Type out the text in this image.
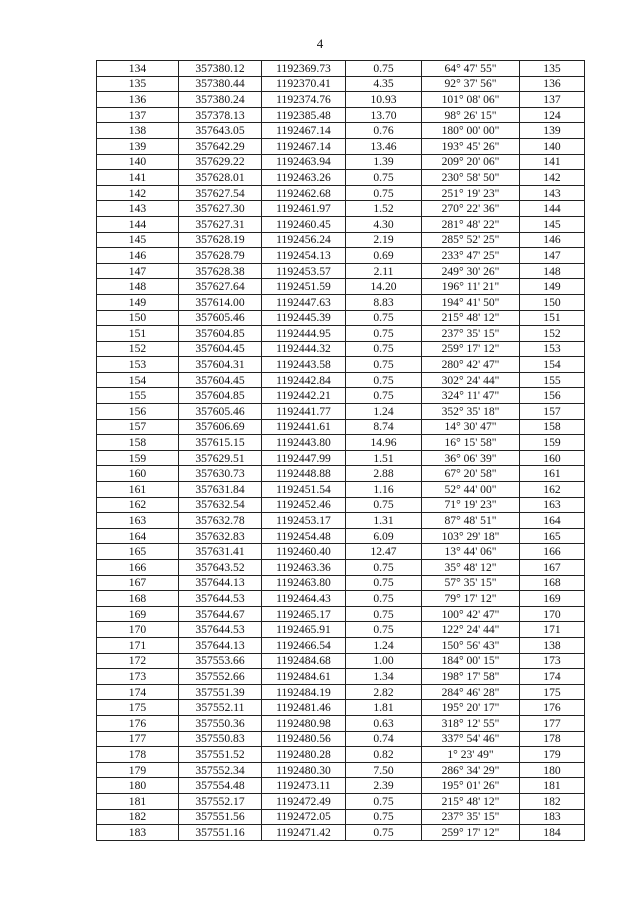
4
134	357380.12	1192369.73	0.75	64° 47' 55"	135
135	357380.44	1192370.41	4.35	92° 37' 56"	136
136	357380.24	1192374.76	10.93	101° 08' 06"	137
137	357378.13	1192385.48	13.70	98° 26' 15"	124
138	357643.05	1192467.14	0.76	180° 00' 00"	139
139	357642.29	1192467.14	13.46	193° 45' 26"	140
140	357629.22	1192463.94	1.39	209° 20' 06"	141
141	357628.01	1192463.26	0.75	230° 58' 50"	142
142	357627.54	1192462.68	0.75	251° 19' 23"	143
143	357627.30	1192461.97	1.52	270° 22' 36"	144
144	357627.31	1192460.45	4.30	281° 48' 22"	145
145	357628.19	1192456.24	2.19	285° 52' 25"	146
146	357628.79	1192454.13	0.69	233° 47' 25"	147
147	357628.38	1192453.57	2.11	249° 30' 26"	148
148	357627.64	1192451.59	14.20	196° 11' 21"	149
149	357614.00	1192447.63	8.83	194° 41' 50"	150
150	357605.46	1192445.39	0.75	215° 48' 12"	151
151	357604.85	1192444.95	0.75	237° 35' 15"	152
152	357604.45	1192444.32	0.75	259° 17' 12"	153
153	357604.31	1192443.58	0.75	280° 42' 47"	154
154	357604.45	1192442.84	0.75	302° 24' 44"	155
155	357604.85	1192442.21	0.75	324° 11' 47"	156
156	357605.46	1192441.77	1.24	352° 35' 18"	157
157	357606.69	1192441.61	8.74	14° 30' 47"	158
158	357615.15	1192443.80	14.96	16° 15' 58"	159
159	357629.51	1192447.99	1.51	36° 06' 39"	160
160	357630.73	1192448.88	2.88	67° 20' 58"	161
161	357631.84	1192451.54	1.16	52° 44' 00"	162
162	357632.54	1192452.46	0.75	71° 19' 23"	163
163	357632.78	1192453.17	1.31	87° 48' 51"	164
164	357632.83	1192454.48	6.09	103° 29' 18"	165
165	357631.41	1192460.40	12.47	13° 44' 06"	166
166	357643.52	1192463.36	0.75	35° 48' 12"	167
167	357644.13	1192463.80	0.75	57° 35' 15"	168
168	357644.53	1192464.43	0.75	79° 17' 12"	169
169	357644.67	1192465.17	0.75	100° 42' 47"	170
170	357644.53	1192465.91	0.75	122° 24' 44"	171
171	357644.13	1192466.54	1.24	150° 56' 43"	138
172	357553.66	1192484.68	1.00	184° 00' 15"	173
173	357552.66	1192484.61	1.34	198° 17' 58"	174
174	357551.39	1192484.19	2.82	284° 46' 28"	175
175	357552.11	1192481.46	1.81	195° 20' 17"	176
176	357550.36	1192480.98	0.63	318° 12' 55"	177
177	357550.83	1192480.56	0.74	337° 54' 46"	178
178	357551.52	1192480.28	0.82	1° 23' 49"	179
179	357552.34	1192480.30	7.50	286° 34' 29"	180
180	357554.48	1192473.11	2.39	195° 01' 26"	181
181	357552.17	1192472.49	0.75	215° 48' 12"	182
182	357551.56	1192472.05	0.75	237° 35' 15"	183
183	357551.16	1192471.42	0.75	259° 17' 12"	184
